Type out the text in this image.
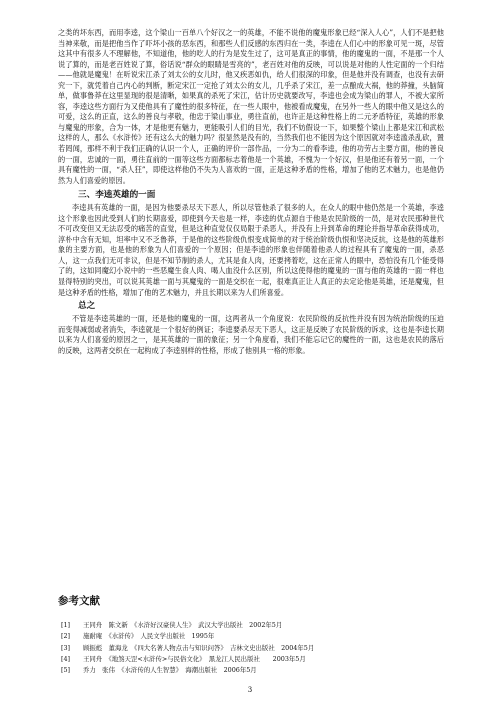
之类的坏东西，而用李逵，这个梁山一百单八个好汉之一的英雄，不能不说他的魔鬼形象已经“深入人心”，人们不是把他当神来敬，而是把他当作了吓坏小孩的恶东西，和那些人们反感的东西归在一类，李逵在人们心中的形象可见一斑，尽管这其中有很多人不理解他，不知道他，他的吃人的行为是发生过了，这可是真正的事情，他的魔鬼的一面，不是那一个人说了算的，而是老百姓说了算，俗话说“群众的眼睛是雪亮的”，老百姓对他的反映，可以说是对他的人性定面的一个归结——他就是魔鬼！在听说宋江杀了刘太公的女儿时，他又疾恶如仇，给人们很深的印象，但是他并没有调查，也没有去研究一下，就凭着自己内心的判断，断定宋江一定抢了刘太公的女儿，几乎杀了宋江，差一点酿成大祸，他的莽撞，头脑简单，做事鲁莽在这里显现的很是清晰，如果真的杀死了宋江，估计历史就要改写，李逵也会成为梁山的罪人，不被大家所容，李逵这些方面行为又使他具有了魔性的很多特征，在一些人眼中，他被看成魔鬼，在另外一些人的眼中他又是这么的可爱，这么的正直，这么的善良与孝敬，他忠于梁山事业，勇往直前，也许正是这种性格上的二元矛盾特征，英雄的形象与魔鬼的形象，合为一体，才是他更有魅力，更能吸引人们的目光，我们不妨假设一下，如果整个梁山上都是宋江和武松这样的人，那么《水浒传》还有这么大的魅力吗？很显然是没有的，当然我们也不能因为这个原因就对李逵滥杀乱砍，置若罔闻，那样不利于我们正确的认识一个人，正确的评价一部作品，一分为二的看李逵，他的功劳占主要方面，他的善良的一面，忠诚的一面，勇往直前的一面等这些方面都标志着他是一个英雄，不愧为一个好汉，但是他还有着另一面，一个具有魔性的一面，“杀人狂”，即使这样他仍不失为人喜欢的一面，正是这种矛盾的性格，增加了他的艺术魅力，也是他仍然为人们喜爱的原因。

三、李逵英雄的一面

李逵具有英雄的一面，是因为他要杀尽天下恶人，所以尽管他杀了很多的人，在众人的眼中他仍然是一个英雄，李逵这个形象也因此受到人们的长期喜爱，即使到今天也是一样，李逵的优点源自于他是农民阶级的一员，是对农民那种世代不可改变但又无法忍受的痛苦的直觉，但是这种直觉仅仅局限于杀恶人，并没有上升到革命的理论并指导革命获得成功，淳朴中含有无知，坦率中又不乏鲁莽，于是他的这些阶级仇恨变成简单的对于统治阶级仇恨和坚决反抗，这是他的英雄形象的主要方面，也是他的形象为人们喜爱的一个原因；但是李逵的形象也伴随着他杀人的过程具有了魔鬼的一面，杀恶人，这一点我们无可非议，但是不知节制的杀人，尤其是食人肉，还要拷着吃，这在正常人的眼中，恐怕没有几个能受得了的，这如同魔幻小说中的一些恶魔生食人肉、喝人血没什么区别，所以这使得他的魔鬼的一面与他的英雄的一面一样也显得特别的突出，可以说其英雄一面与其魔鬼的一面是交织在一起，很难真正让人真正的去定论他是英雄，还是魔鬼，但是这种矛盾的性格，增加了他的艺术魅力，并且长期以来为人们所喜爱。

总之

不管是李逵英雄的一面，还是他的魔鬼的一面，这两者从一个角度说：农民阶级的反抗性并没有因为统治阶级的压迫而变得减弱或者消失，李逵就是一个很好的例证；李逵要杀尽天下恶人，这正是反映了农民阶级的诉求，这也是李逵长期以来为人们喜爱的原因之一，是其英雄的一面的象征；另一个角度看，我们不能忘记它的魔性的一面，这也是农民的落后的反映，这两者交织在一起构成了李逵别样的性格，形成了他别具一格的形象。

参考文献
[1] 王同舟　陈文新　《水浒好汉豪侠人生》　武汉大学出版社　2002年5月
[2] 施耐庵　《水浒传》　人民文学出版社　1995年
[3] 顾振彪　董海龙　《四大名著人物点击与知识问答》　吉林文史出版社　2004年5月
[4] 王同舟　《地煞天罡<水浒传>与民俗文化》　黑龙江人民出版社　　2003年5月
[5] 乔力　张伟　《水浒传的人生智慧》　海潮出版社　2006年5月
3
